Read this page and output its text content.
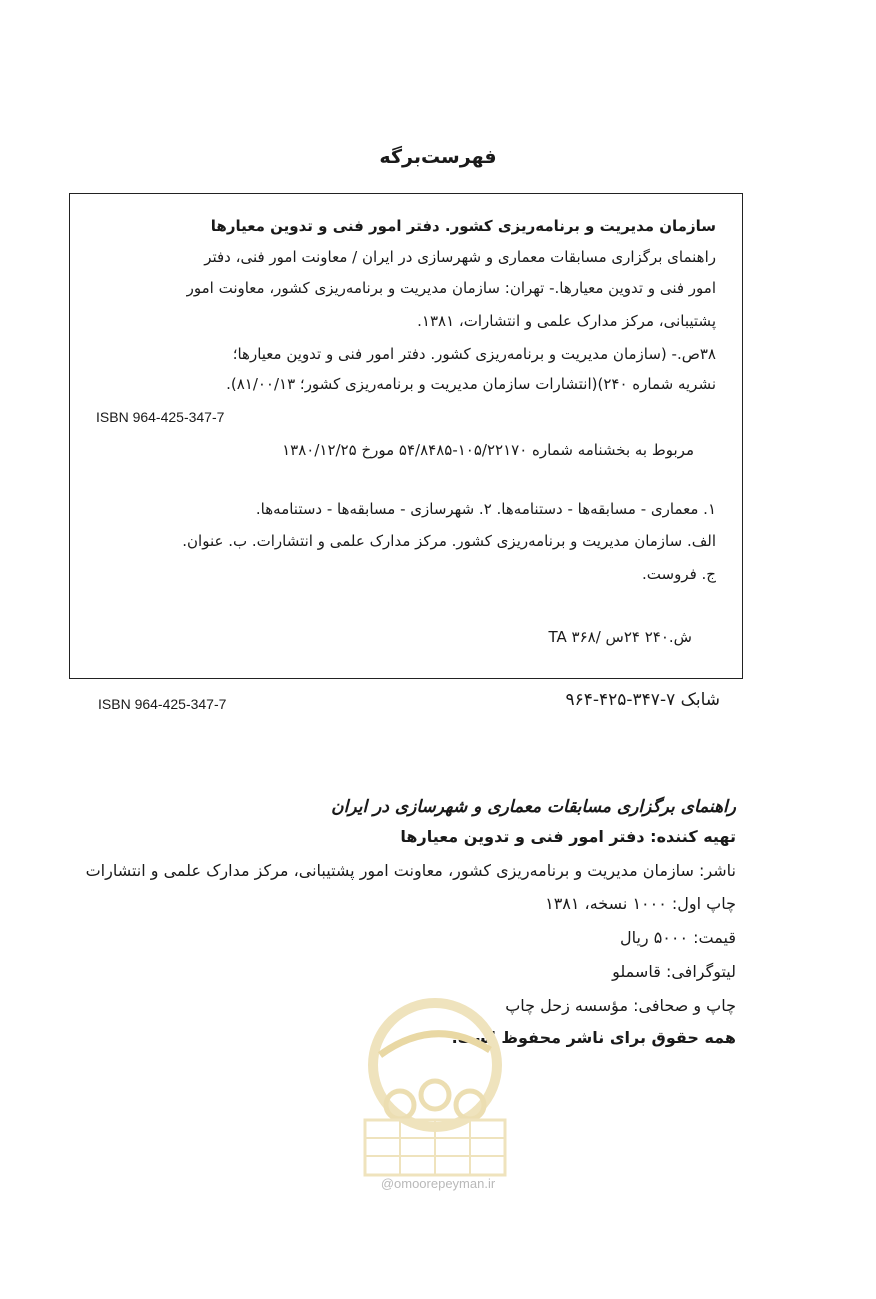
فهرست‌برگه
سازمان مدیریت و برنامه‌ریزی کشور. دفتر امور فنی و تدوین معیارها
راهنمای برگزاری مسابقات معماری و شهرسازی در ایران / معاونت امور فنی، دفتر
امور فنی و تدوین معیارها.- تهران: سازمان مدیریت و برنامه‌ریزی کشور، معاونت امور
پشتیبانی، مرکز مدارک علمی و انتشارات، ۱۳۸۱.
۳۸ص.- (سازمان مدیریت و برنامه‌ریزی کشور. دفتر امور فنی و تدوین معیارها؛
نشریه شماره ۲۴۰)(انتشارات سازمان مدیریت و برنامه‌ریزی کشور؛ ۸۱/۰۰/۱۳).
ISBN 964-425-347-7
مربوط به بخشنامه شماره ۱۰۵/۲۲۱۷۰-۵۴/۸۴۸۵ مورخ ۱۳۸۰/۱۲/۲۵
۱. معماری - مسابقه‌ها - دستنامه‌ها. ۲. شهرسازی - مسابقه‌ها - دستنامه‌ها.
الف. سازمان مدیریت و برنامه‌ریزی کشور. مرکز مدارک علمی و انتشارات. ب. عنوان.
ج. فروست.
ش.۲۴۰ ۲۴س /۳۶۸ TA
ISBN 964-425-347-7	شابک ۷-۳۴۷-۴۲۵-۹۶۴
راهنمای برگزاری مسابقات معماری و شهرسازی در ایران
تهیه کننده: دفتر امور فنی و تدوین معیارها
ناشر: سازمان مدیریت و برنامه‌ریزی کشور، معاونت امور پشتیبانی، مرکز مدارک علمی و انتشارات
چاپ اول: ۱۰۰۰ نسخه، ۱۳۸۱
قیمت: ۵۰۰۰ ریال
لیتوگرافی: قاسملو
چاپ و صحافی: مؤسسه زحل چاپ
همه حقوق برای ناشر محفوظ است.
@omoorepeyman.ir
